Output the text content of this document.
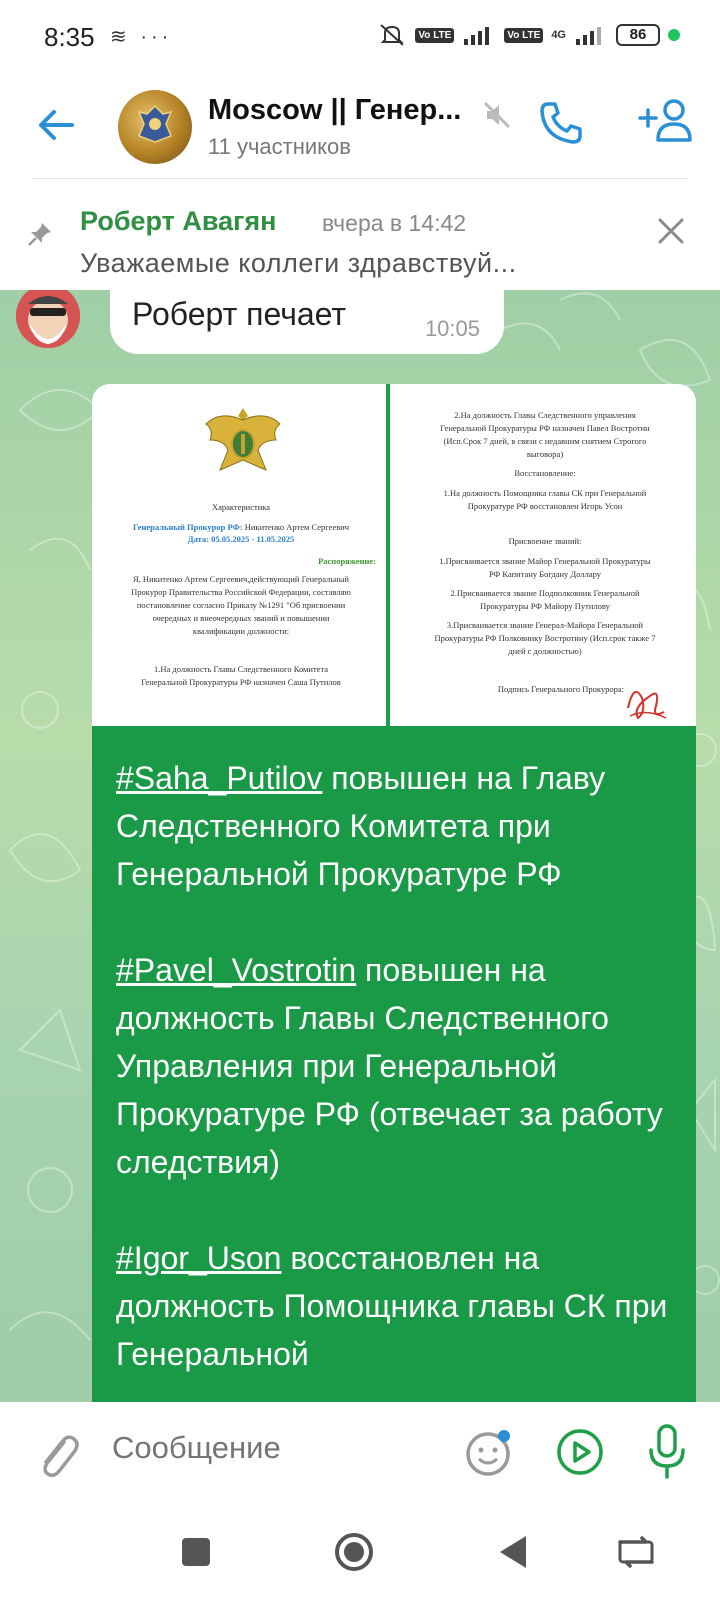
8:35 ≋ ···	Vo LTE	Vo LTE 4G	86
Moscow || Генер...
11 участников
Роберт Авагян вчера в 14:42
Уважаемые коллеги здравствуй...
Роберт печает	10:05
Характеристика
Генеральный Прокурор РФ: Никитенко Артем Сергеевич
Дата: 05.05.2025 - 11.05.2025
Распоряжение:
Я, Никитенко Артем Сергеевич,действующий Генеральный
Прокурор Правительства Российской Федерации, составляю
постановление согласно Приказу №1291 "Об присвоении
очередных и внеочередных званий и повышении
квалификации должности:
1.На должность Главы Следственного Комитета
Генеральной Прокуратуры РФ назначен Саша Путилов
2.На должность Главы Следственного управления
Генеральной Прокуратуры РФ назначен Павел Востротин
(Исп.Срок 7 дней, в связи с недавним снятием Строгого
выговора)
Восстановление:
1.На должность Помощника главы СК при Генеральной
Прокуратуре РФ восстановлен Игорь Усон
Присвоение званий:
1.Присваивается звание Майор Генеральной Прокуратуры
РФ Капитану Богдану Доллару
2.Присваивается звание Подполковник Генеральной
Прокуратуры РФ Майору Путилову
3.Присваивается звание Генерал-Майора Генеральной
Прокуратуры РФ Полковнику Востротину (Исп.срок также 7
дней с должностью)
Подпись Генерального Прокурора:

#Saha_Putilov повышен на Главу Следственного Комитета при Генеральной Прокуратуре РФ

#Pavel_Vostrotin повышен на должность Главы Следственного Управления при Генеральной Прокуратуре РФ (отвечает за работу следствия)

#Igor_Uson восстановлен на должность Помощника главы СК при Генеральной

Сообщение
